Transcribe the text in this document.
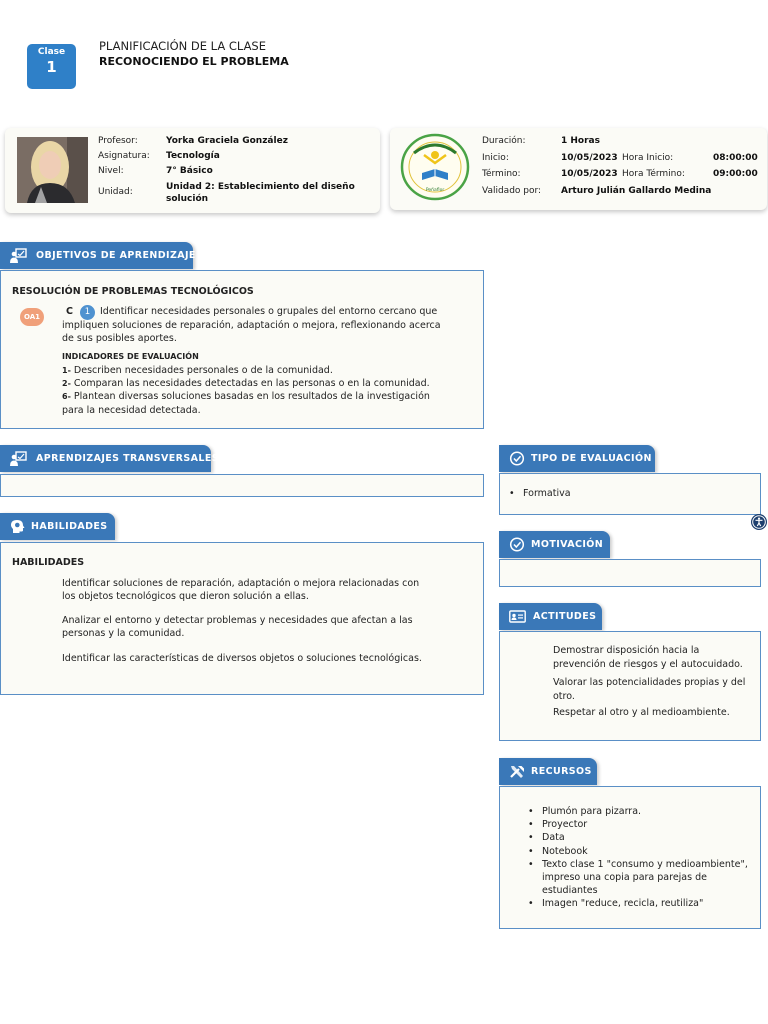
Clase
1
PLANIFICACIÓN DE LA CLASE
RECONOCIENDO EL PROBLEMA
Profesor:	Yorka Graciela González
Asignatura: Tecnología
Nivel:	7° Básico
Unidad:	Unidad 2: Establecimiento del diseño solución
Peñaflor
Duración:	1 Horas
Inicio:	10/05/2023 Hora Inicio:	08:00:00
Término:	10/05/2023 Hora Término:	09:00:00
Validado por: Arturo Julián Gallardo Medina
OBJETIVOS DE APRENDIZAJE
RESOLUCIÓN DE PROBLEMAS TECNOLÓGICOS
OA1	Identificar necesidades personales o grupales del entorno cercano que impliquen soluciones de reparación, adaptación o mejora, reflexionando acerca de sus posibles aportes.
C	1
INDICADORES DE EVALUACIÓN
$^{1-}$ Describen necesidades personales o de la comunidad.
$^{2-}$ Comparan las necesidades detectadas en las personas o en la comunidad.
$^{6-}$ Plantean diversas soluciones basadas en los resultados de la investigación para la necesidad detectada.
APRENDIZAJES TRANSVERSALES	TIPO DE EVALUACIÓN
• Formativa
HABILIDADES
HABILIDADES
Identificar soluciones de reparación, adaptación o mejora relacionadas con los objetos tecnológicos que dieron solución a ellas.
Analizar el entorno y detectar problemas y necesidades que afectan a las personas y la comunidad.
Identificar las características de diversos objetos o soluciones tecnológicas.
MOTIVACIÓN
ACTITUDES
Demostrar disposición hacia la prevención de riesgos y el autocuidado.
Valorar las potencialidades propias y del otro.
Respetar al otro y al medioambiente.
RECURSOS
• Plumón para pizarra.
• Proyector
• Data
• Notebook
• Texto clase 1 "consumo y medioambiente", impreso una copia para parejas de estudiantes
• Imagen "reduce, recicla, reutiliza"
